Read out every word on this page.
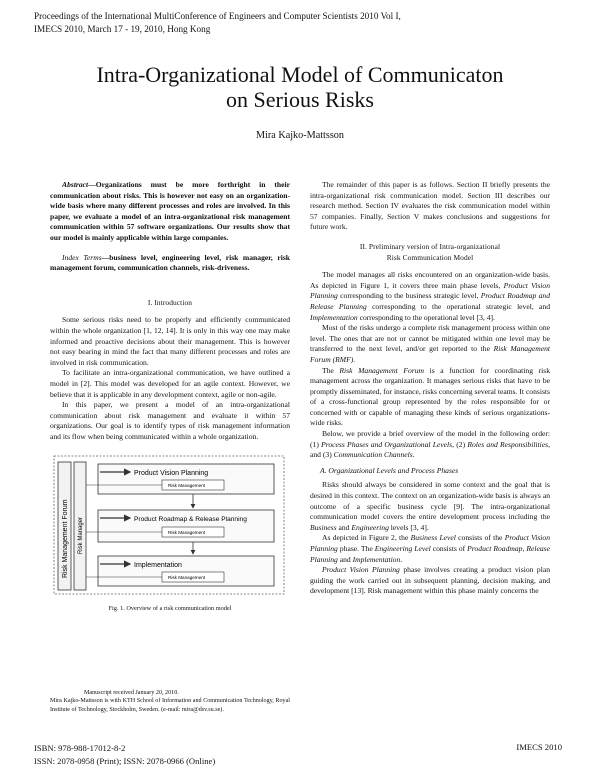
Proceedings of the International MultiConference of Engineers and Computer Scientists 2010 Vol I,
IMECS 2010, March 17 - 19, 2010, Hong Kong
Intra-Organizational Model of Communicaton
on Serious Risks
Mira Kajko-Mattsson

Abstract—Organizations must be more forthright in their communication about risks. This is however not easy on an organization-wide basis where many different processes and roles are involved. In this paper, we evaluate a model of an intra-organizational risk management communication within 57 software organizations. Our results show that our model is mainly applicable within large companies.

Index Terms—business level, engineering level, risk manager, risk management forum, communication channels, risk-driveness.

I. Introduction

Some serious risks need to be properly and efficiently communicated within the whole organization [1, 12, 14]. It is only in this way one may make informed and proactive decisions about their management. This is however not easy bearing in mind the fact that many different processes and roles are involved in risk communication.

To facilitate an intra-organizational communication, we have outlined a model in [2]. This model was developed for an agile context. However, we believe that it is applicable in any development context, agile or non-agile.

In this paper, we present a model of an intra-organizational communication about risk management and evaluate it within 57 organizations. Our goal is to identify types of risk management information and its flow when being communicated within a whole organization.

Risk Management Forum Risk Manager
Product Vision Planning
Risk Management
Product Roadmap & Release Planning
Risk Management
Implementation
Risk Management
Fig. 1. Overview of a risk communication model

Manuscript received January 20, 2010.

Mira Kajko-Mattsson is with KTH School of Information and Communication Technology, Royal Institute of Technology, Stockholm, Sweden. (e-mail: mira@dsv.su.se).

The remainder of this paper is as follows. Section II briefly presents the intra-organizational risk communication model. Section III describes our research method. Section IV evaluates the risk communication model within 57 companies. Finally, Section V makes conclusions and suggestions for future work.

II. Preliminary version of Intra-organizational
Risk Communication Model

The model manages all risks encountered on an organization-wide basis. As depicted in Figure 1, it covers three main phase levels, Product Vision Planning corresponding to the business strategic level, Product Roadmap and Release Planning corresponding to the operational strategic level, and Implementation corresponding to the operational level [3, 4].

Most of the risks undergo a complete risk management process within one level. The ones that are not or cannot be mitigated within one level may be transferred to the next level, and/or get reported to the Risk Management Forum (RMF).

The Risk Management Forum is a function for coordinating risk management across the organization. It manages serious risks that have to be promptly disseminated, for instance, risks concerning several teams. It consists of a cross-functional group represented by the roles responsible for or concerned with or capable of managing these kinds of serious organizations-wide risks.

Below, we provide a brief overview of the model in the following order: (1) Process Phases and Organizational Levels, (2) Roles and Responsibilities, and (3) Communication Channels.

A. Organizational Levels and Process Phases

Risks should always be considered in some context and the goal that is desired in this context. The context on an organization-wide basis is always an outcome of a specific business cycle [9]. The intra-organizational communication model covers the entire development process including the Business and Engineering levels [3, 4].

As depicted in Figure 2, the Business Level consists of the Product Vision Planning phase. The Engineering Level consists of Product Roadmap, Release Planning and Implementation.

Product Vision Planning phase involves creating a product vision plan guiding the work carried out in subsequent planning, decision making, and development [13]. Risk management within this phase mainly concerns the

ISBN: 978-988-17012-8-2
ISSN: 2078-0958 (Print); ISSN: 2078-0966 (Online)
IMECS 2010
